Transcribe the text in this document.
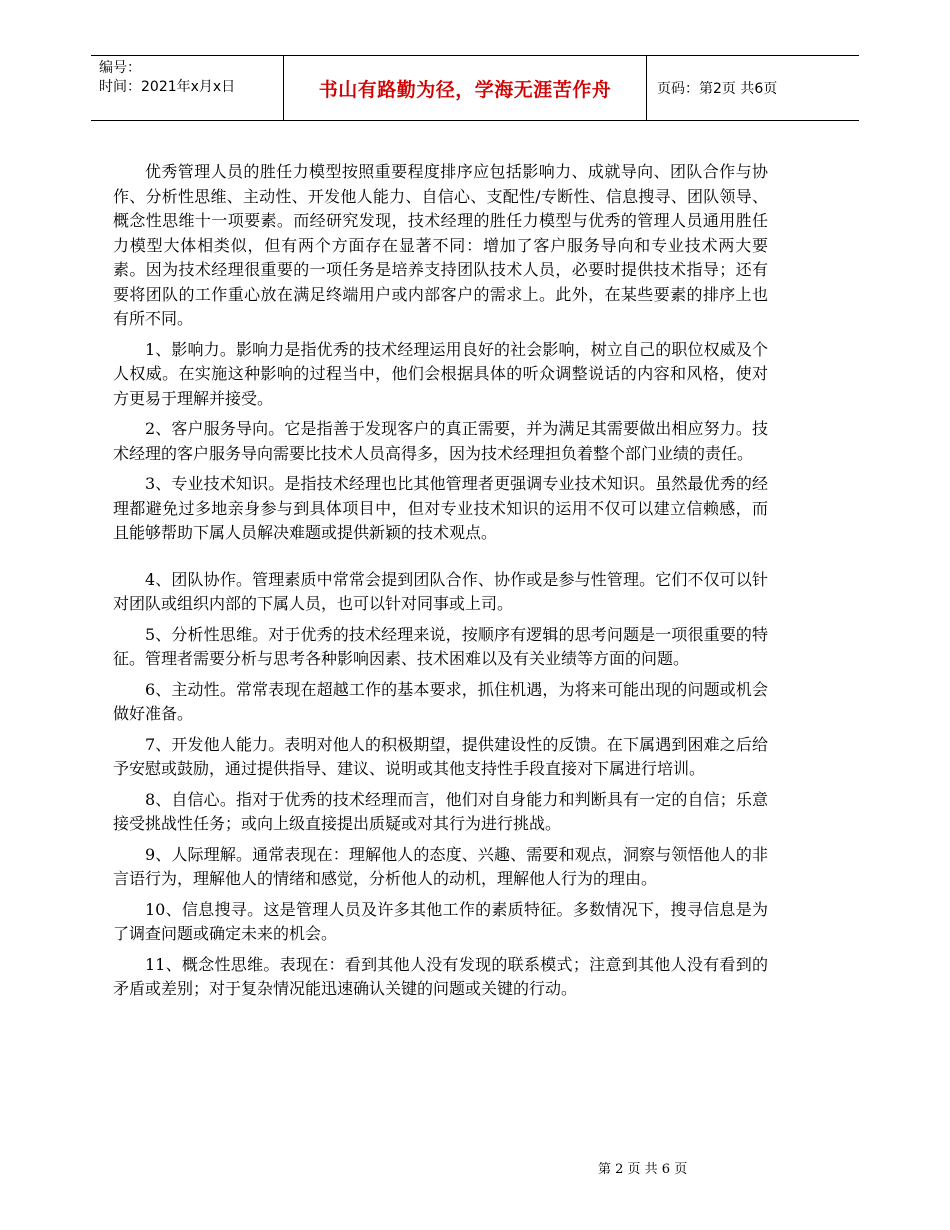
编号：
时间：2021年x月x日	书山有路勤为径，学海无涯苦作舟	页码：第2页 共6页

优秀管理人员的胜任力模型按照重要程度排序应包括影响力、成就导向、团队合作与协作、分析性思维、主动性、开发他人能力、自信心、支配性/专断性、信息搜寻、团队领导、概念性思维十一项要素。而经研究发现，技术经理的胜任力模型与优秀的管理人员通用胜任力模型大体相类似，但有两个方面存在显著不同：增加了客户服务导向和专业技术两大要素。因为技术经理很重要的一项任务是培养支持团队技术人员，必要时提供技术指导；还有要将团队的工作重心放在满足终端用户或内部客户的需求上。此外，在某些要素的排序上也有所不同。

1、影响力。影响力是指优秀的技术经理运用良好的社会影响，树立自己的职位权威及个人权威。在实施这种影响的过程当中，他们会根据具体的听众调整说话的内容和风格，使对方更易于理解并接受。

2、客户服务导向。它是指善于发现客户的真正需要，并为满足其需要做出相应努力。技术经理的客户服务导向需要比技术人员高得多，因为技术经理担负着整个部门业绩的责任。

3、专业技术知识。是指技术经理也比其他管理者更强调专业技术知识。虽然最优秀的经理都避免过多地亲身参与到具体项目中，但对专业技术知识的运用不仅可以建立信赖感，而且能够帮助下属人员解决难题或提供新颖的技术观点。

4、团队协作。管理素质中常常会提到团队合作、协作或是参与性管理。它们不仅可以针对团队或组织内部的下属人员，也可以针对同事或上司。

5、分析性思维。对于优秀的技术经理来说，按顺序有逻辑的思考问题是一项很重要的特征。管理者需要分析与思考各种影响因素、技术困难以及有关业绩等方面的问题。

6、主动性。常常表现在超越工作的基本要求，抓住机遇，为将来可能出现的问题或机会做好准备。

7、开发他人能力。表明对他人的积极期望，提供建设性的反馈。在下属遇到困难之后给予安慰或鼓励，通过提供指导、建议、说明或其他支持性手段直接对下属进行培训。

8、自信心。指对于优秀的技术经理而言，他们对自身能力和判断具有一定的自信；乐意接受挑战性任务；或向上级直接提出质疑或对其行为进行挑战。

9、人际理解。通常表现在：理解他人的态度、兴趣、需要和观点，洞察与领悟他人的非言语行为，理解他人的情绪和感觉，分析他人的动机，理解他人行为的理由。

10、信息搜寻。这是管理人员及许多其他工作的素质特征。多数情况下，搜寻信息是为了调查问题或确定未来的机会。

11、概念性思维。表现在：看到其他人没有发现的联系模式；注意到其他人没有看到的矛盾或差别；对于复杂情况能迅速确认关键的问题或关键的行动。

第 2 页 共 6 页
